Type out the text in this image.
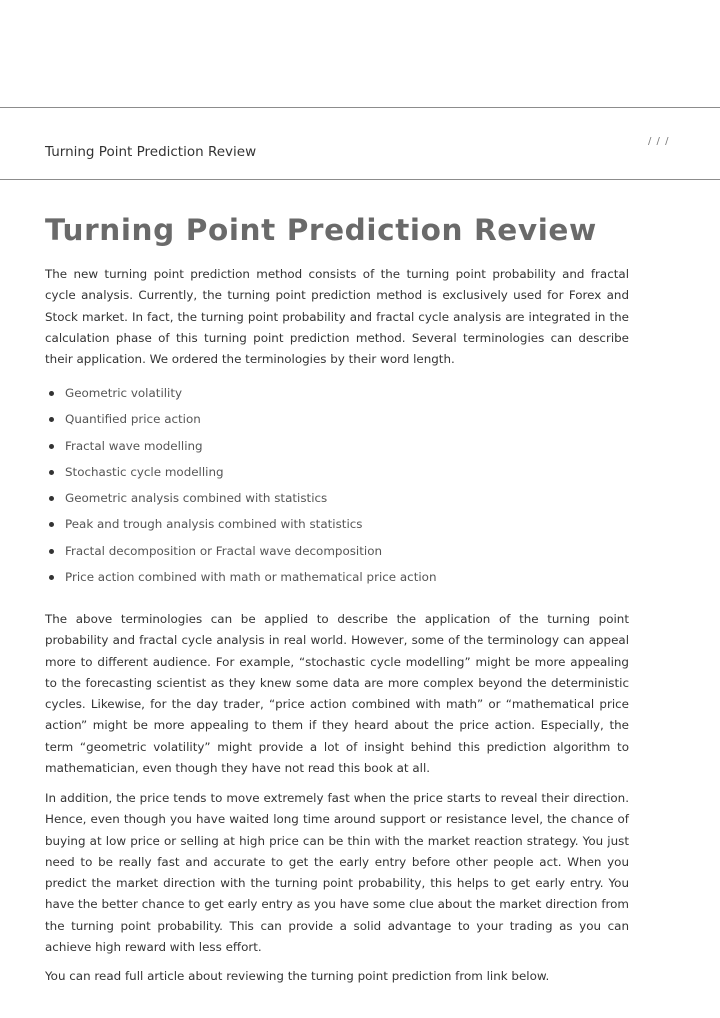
/ / /

Turning Point Prediction Review

Turning Point Prediction Review

The new turning point prediction method consists of the turning point probability and fractal cycle analysis. Currently, the turning point prediction method is exclusively used for Forex and Stock market. In fact, the turning point probability and fractal cycle analysis are integrated in the calculation phase of this turning point prediction method. Several terminologies can describe their application. We ordered the terminologies by their word length.

Geometric volatility
Quantified price action
Fractal wave modelling
Stochastic cycle modelling
Geometric analysis combined with statistics
Peak and trough analysis combined with statistics
Fractal decomposition or Fractal wave decomposition
Price action combined with math or mathematical price action

The above terminologies can be applied to describe the application of the turning point probability and fractal cycle analysis in real world. However, some of the terminology can appeal more to different audience. For example, “stochastic cycle modelling” might be more appealing to the forecasting scientist as they knew some data are more complex beyond the deterministic cycles. Likewise, for the day trader, “price action combined with math” or “mathematical price action” might be more appealing to them if they heard about the price action. Especially, the term “geometric volatility” might provide a lot of insight behind this prediction algorithm to mathematician, even though they have not read this book at all.

In addition, the price tends to move extremely fast when the price starts to reveal their direction. Hence, even though you have waited long time around support or resistance level, the chance of buying at low price or selling at high price can be thin with the market reaction strategy. You just need to be really fast and accurate to get the early entry before other people act. When you predict the market direction with the turning point probability, this helps to get early entry. You have the better chance to get early entry as you have some clue about the market direction from the turning point probability. This can provide a solid advantage to your trading as you can achieve high reward with less effort.

You can read full article about reviewing the turning point prediction from link below.
